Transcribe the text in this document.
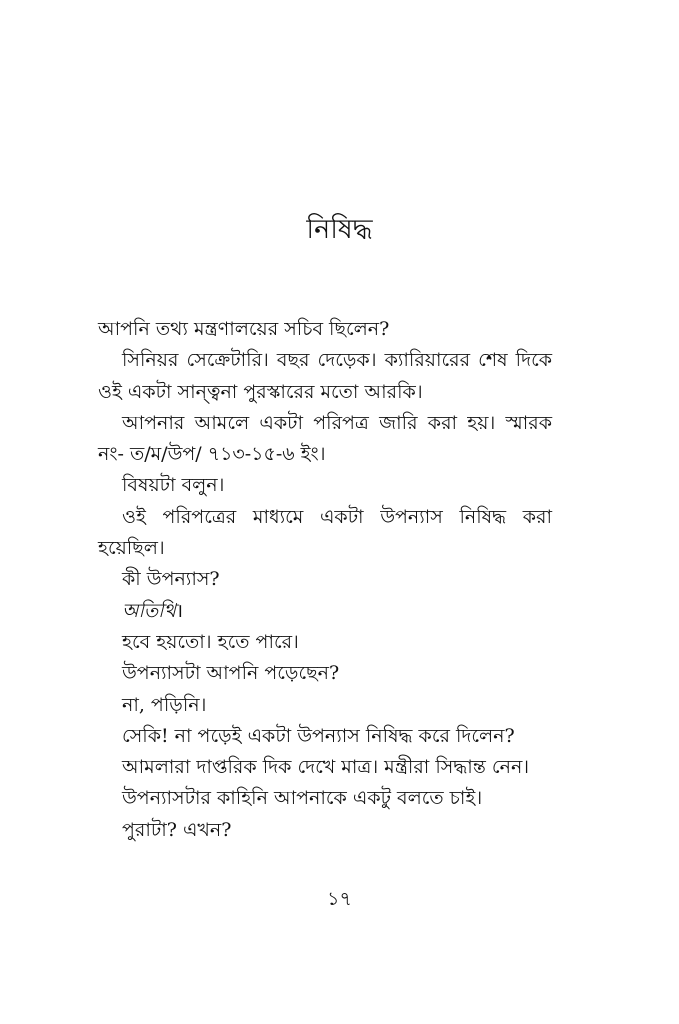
নিষিদ্ধ

আপনি তথ্য মন্ত্রণালয়ের সচিব ছিলেন?

সিনিয়র সেক্রেটারি। বছর দেড়েক। ক্যারিয়ারের শেষ দিকে ওই একটা সান্ত্বনা পুরস্কারের মতো আরকি।

আপনার আমলে একটা পরিপত্র জারি করা হয়। স্মারক নং- ত/ম/উপ/ ৭১৩-১৫-৬ ইং।

বিষয়টা বলুন।

ওই পরিপত্রের মাধ্যমে একটা উপন্যাস নিষিদ্ধ করা হয়েছিল।

কী উপন্যাস?

অতিথি।

হবে হয়তো। হতে পারে।

উপন্যাসটা আপনি পড়েছেন?

না, পড়িনি।

সেকি! না পড়েই একটা উপন্যাস নিষিদ্ধ করে দিলেন?

আমলারা দাপ্তরিক দিক দেখে মাত্র। মন্ত্রীরা সিদ্ধান্ত নেন।

উপন্যাসটার কাহিনি আপনাকে একটু বলতে চাই।

পুরাটা? এখন?

১৭
